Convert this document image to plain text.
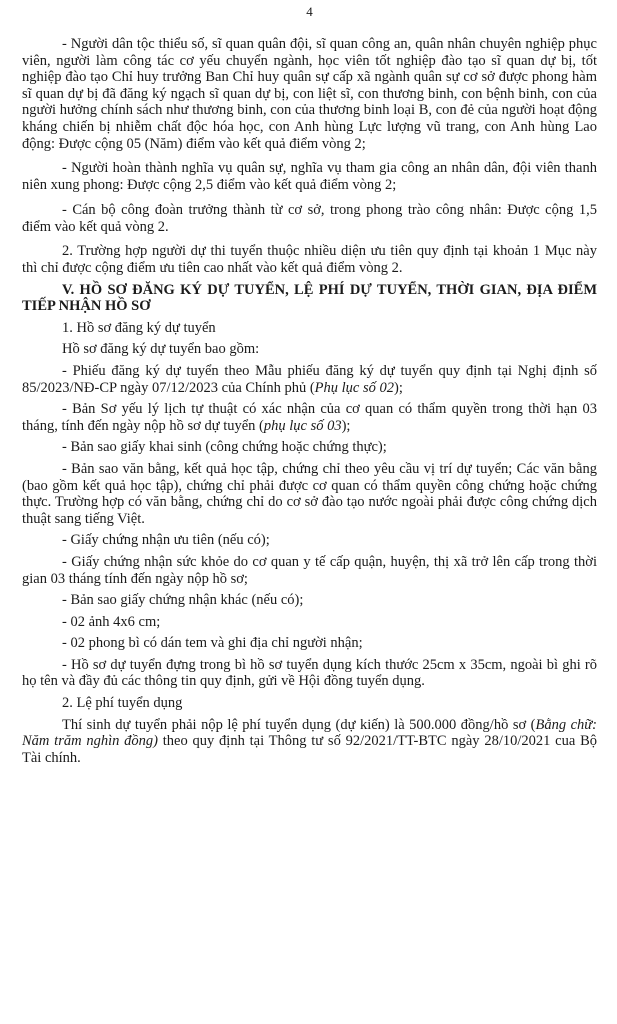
4

- Người dân tộc thiểu số, sĩ quan quân đội, sĩ quan công an, quân nhân chuyên nghiệp phục viên, người làm công tác cơ yếu chuyển ngành, học viên tốt nghiệp đào tạo sĩ quan dự bị, tốt nghiệp đào tạo Chỉ huy trưởng Ban Chỉ huy quân sự cấp xã ngành quân sự cơ sở được phong hàm sĩ quan dự bị đã đăng ký ngạch sĩ quan dự bị, con liệt sĩ, con thương binh, con bệnh binh, con của người hưởng chính sách như thương binh, con của thương binh loại B, con đẻ của người hoạt động kháng chiến bị nhiễm chất độc hóa học, con Anh hùng Lực lượng vũ trang, con Anh hùng Lao động: Được cộng 05 (Năm) điểm vào kết quả điểm vòng 2;

- Người hoàn thành nghĩa vụ quân sự, nghĩa vụ tham gia công an nhân dân, đội viên thanh niên xung phong: Được cộng 2,5 điểm vào kết quả điểm vòng 2;

- Cán bộ công đoàn trưởng thành từ cơ sở, trong phong trào công nhân: Được cộng 1,5 điểm vào kết quả vòng 2.

2. Trường hợp người dự thi tuyển thuộc nhiều diện ưu tiên quy định tại khoản 1 Mục này thì chỉ được cộng điểm ưu tiên cao nhất vào kết quả điểm vòng 2.

V. HỒ SƠ ĐĂNG KÝ DỰ TUYỂN, LỆ PHÍ DỰ TUYỂN, THỜI GIAN, ĐỊA ĐIỂM TIẾP NHẬN HỒ SƠ

1. Hồ sơ đăng ký dự tuyển

Hồ sơ đăng ký dự tuyển bao gồm:

- Phiếu đăng ký dự tuyển theo Mẫu phiếu đăng ký dự tuyển quy định tại Nghị định số 85/2023/NĐ-CP ngày 07/12/2023 của Chính phủ (Phụ lục số 02);

- Bản Sơ yếu lý lịch tự thuật có xác nhận của cơ quan có thẩm quyền trong thời hạn 03 tháng, tính đến ngày nộp hồ sơ dự tuyển (phụ lục số 03);

- Bản sao giấy khai sinh (công chứng hoặc chứng thực);

- Bản sao văn bằng, kết quả học tập, chứng chỉ theo yêu cầu vị trí dự tuyển; Các văn bằng (bao gồm kết quả học tập), chứng chỉ phải được cơ quan có thẩm quyền công chứng hoặc chứng thực. Trường hợp có văn bằng, chứng chỉ do cơ sở đào tạo nước ngoài phải được công chứng dịch thuật sang tiếng Việt.

- Giấy chứng nhận ưu tiên (nếu có);

- Giấy chứng nhận sức khỏe do cơ quan y tế cấp quận, huyện, thị xã trở lên cấp trong thời gian 03 tháng tính đến ngày nộp hồ sơ;

- Bản sao giấy chứng nhận khác (nếu có);

- 02 ảnh 4x6 cm;

- 02 phong bì có dán tem và ghi địa chỉ người nhận;

- Hồ sơ dự tuyển đựng trong bì hồ sơ tuyển dụng kích thước 25cm x 35cm, ngoài bì ghi rõ họ tên và đầy đủ các thông tin quy định, gửi về Hội đồng tuyển dụng.

2. Lệ phí tuyển dụng

Thí sinh dự tuyển phải nộp lệ phí tuyển dụng (dự kiến) là 500.000 đồng/hồ sơ (Bằng chữ: Năm trăm nghìn đồng) theo quy định tại Thông tư số 92/2021/TT-BTC ngày 28/10/2021 cua Bộ Tài chính.
